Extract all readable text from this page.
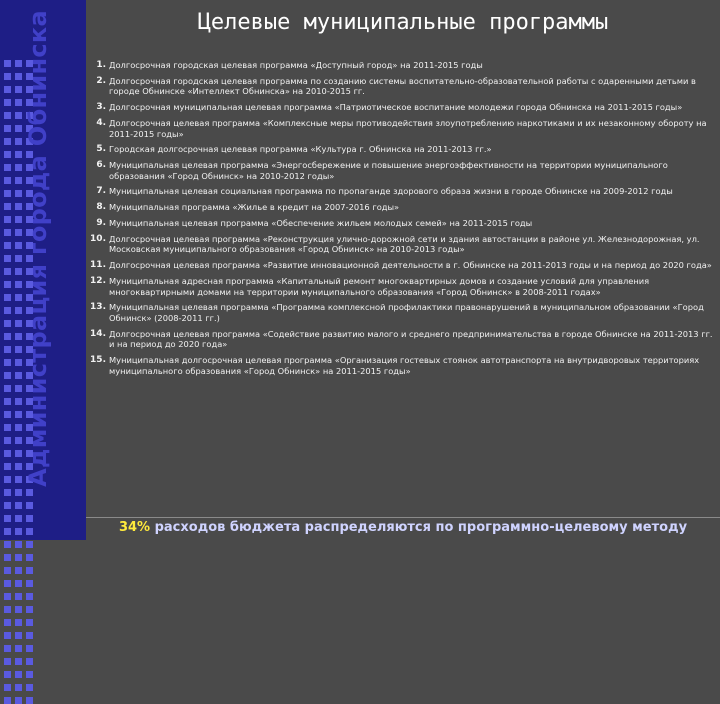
Администрация города Обнинска	Целевые муниципальные программы
1. Долгосрочная городская целевая программа «Доступный город» на 2011-2015 годы
2. Долгосрочная городская целевая программа по созданию системы воспитательно-образовательной работы с одаренными детьми в городе Обнинске «Интеллект Обнинска» на 2010-2015 гг.
3. Долгосрочная муниципальная целевая программа «Патриотическое воспитание молодежи города Обнинска на 2011-2015 годы»
4. Долгосрочная целевая программа «Комплексные меры противодействия злоупотреблению наркотиками и их незаконному обороту на 2011-2015 годы»
5. Городская долгосрочная целевая программа «Культура г. Обнинска на 2011-2013 гг.»
6. Муниципальная целевая программа «Энергосбережение и повышение энергоэффективности на территории муниципального образования «Город Обнинск» на 2010-2012 годы»
7. Муниципальная целевая социальная программа по пропаганде здорового образа жизни в городе Обнинске на 2009-2012 годы
8. Муниципальная программа «Жилье в кредит на 2007-2016 годы»
9. Муниципальная целевая программа «Обеспечение жильем молодых семей» на 2011-2015 годы
10. Долгосрочная целевая программа «Реконструкция улично-дорожной сети и здания автостанции в районе ул. Железнодорожная, ул. Московская муниципального образования «Город Обнинск» на 2010-2013 годы»
11. Долгосрочная целевая программа «Развитие инновационной деятельности в г. Обнинске на 2011-2013 годы и на период до 2020 года»
12. Муниципальная адресная программа «Капитальный ремонт многоквартирных домов и создание условий для управления многоквартирными домами на территории муниципального образования «Город Обнинск» в 2008-2011 годах»
13. Муниципальная целевая программа «Программа комплексной профилактики правонарушений в муниципальном образовании «Город Обнинск» (2008-2011 гг.)
14. Долгосрочная целевая программа «Содействие развитию малого и среднего предпринимательства в городе Обнинске на 2011-2013 гг. и на период до 2020 года»
15. Муниципальная долгосрочная целевая программа «Организация гостевых стоянок автотранспорта на внутридворовых территориях муниципального образования «Город Обнинск» на 2011-2015 годы»
34% расходов бюджета распределяются по программно-целевому методу
